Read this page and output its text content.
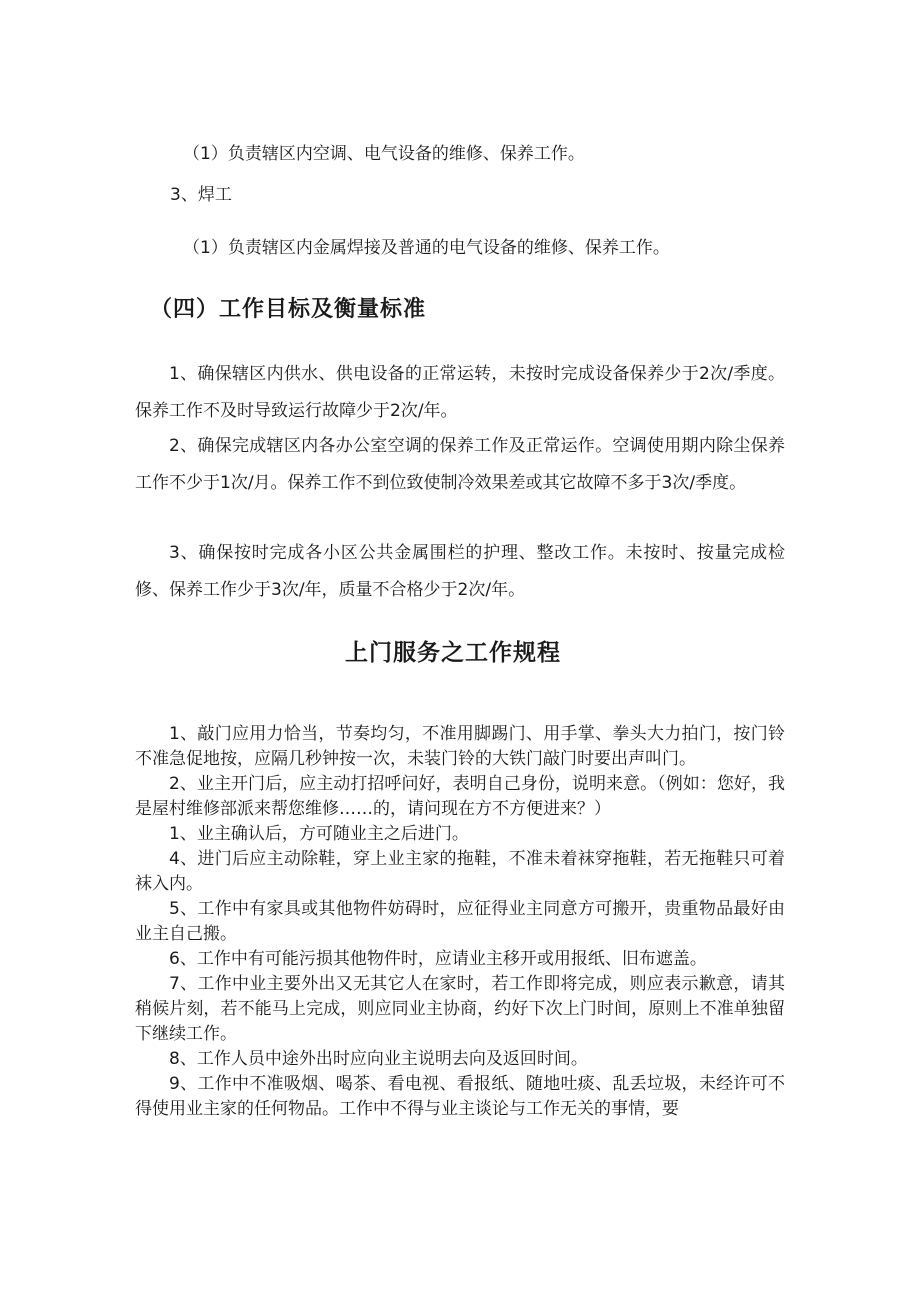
（1）负责辖区内空调、电气设备的维修、保养工作。
3、焊工
（1）负责辖区内金属焊接及普通的电气设备的维修、保养工作。
（四）工作目标及衡量标准
1、确保辖区内供水、供电设备的正常运转，未按时完成设备保养少于2次/季度。保养工作不及时导致运行故障少于2次/年。
2、确保完成辖区内各办公室空调的保养工作及正常运作。空调使用期内除尘保养工作不少于1次/月。保养工作不到位致使制冷效果差或其它故障不多于3次/季度。
3、确保按时完成各小区公共金属围栏的护理、整改工作。未按时、按量完成检修、保养工作少于3次/年，质量不合格少于2次/年。
上门服务之工作规程
1、敲门应用力恰当，节奏均匀，不准用脚踢门、用手掌、拳头大力拍门，按门铃不准急促地按，应隔几秒钟按一次，未装门铃的大铁门敲门时要出声叫门。
2、业主开门后，应主动打招呼问好，表明自己身份，说明来意。（例如：您好，我是屋村维修部派来帮您维修……的，请问现在方不方便进来？）
1、业主确认后，方可随业主之后进门。
4、进门后应主动除鞋，穿上业主家的拖鞋，不准未着袜穿拖鞋，若无拖鞋只可着袜入内。
5、工作中有家具或其他物件妨碍时，应征得业主同意方可搬开，贵重物品最好由业主自己搬。
6、工作中有可能污损其他物件时，应请业主移开或用报纸、旧布遮盖。
7、工作中业主要外出又无其它人在家时，若工作即将完成，则应表示歉意，请其稍候片刻，若不能马上完成，则应同业主协商，约好下次上门时间，原则上不准单独留下继续工作。
8、工作人员中途外出时应向业主说明去向及返回时间。
9、工作中不准吸烟、喝茶、看电视、看报纸、随地吐痰、乱丢垃圾，未经许可不得使用业主家的任何物品。工作中不得与业主谈论与工作无关的事情，要
